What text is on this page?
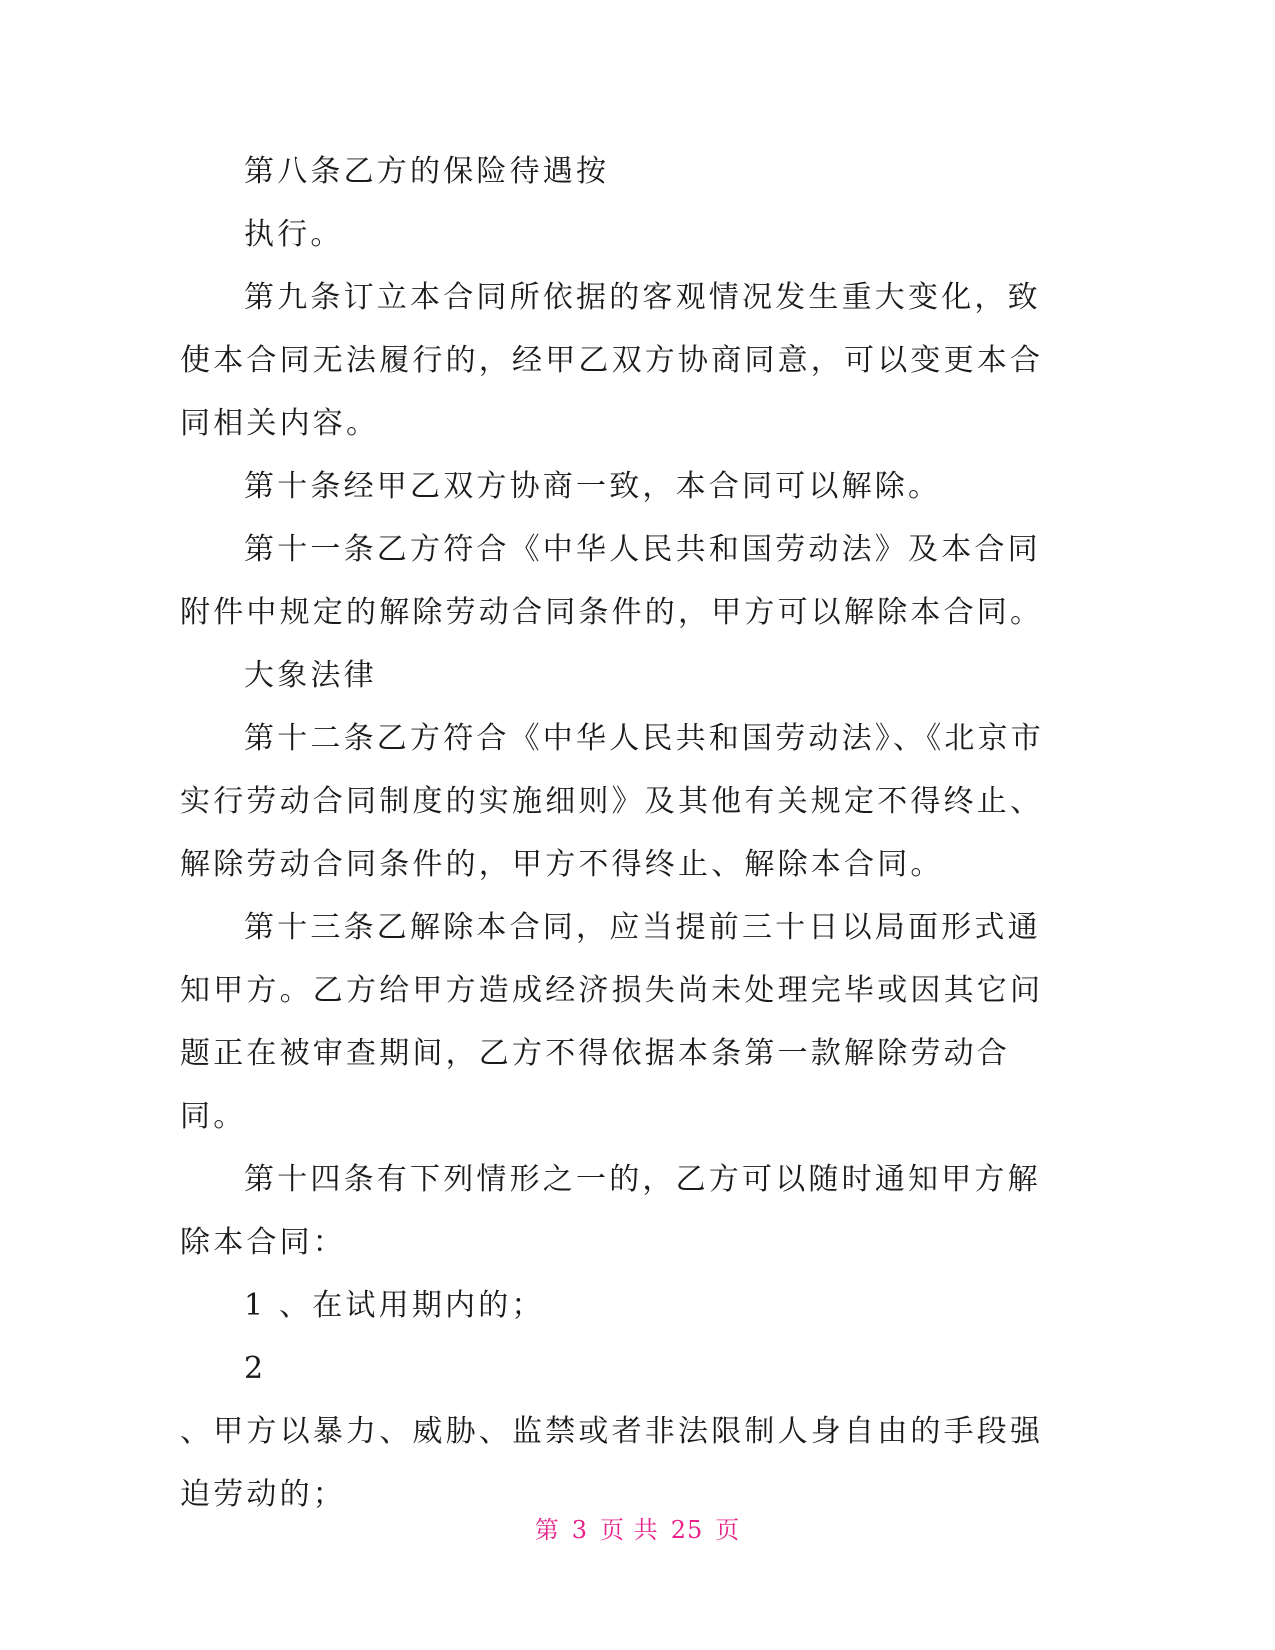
第八条乙方的保险待遇按

执行。

第九条订立本合同所依据的客观情况发生重大变化，致使本合同无法履行的，经甲乙双方协商同意，可以变更本合同相关内容。

第十条经甲乙双方协商一致，本合同可以解除。

第十一条乙方符合《中华人民共和国劳动法》及本合同附件中规定的解除劳动合同条件的，甲方可以解除本合同。

大象法律

第十二条乙方符合《中华人民共和国劳动法》、《北京市实行劳动合同制度的实施细则》及其他有关规定不得终止、解除劳动合同条件的，甲方不得终止、解除本合同。

第十三条乙解除本合同，应当提前三十日以局面形式通知甲方。乙方给甲方造成经济损失尚未处理完毕或因其它问题正在被审查期间，乙方不得依据本条第一款解除劳动合同。

第十四条有下列情形之一的，乙方可以随时通知甲方解除本合同：

1 、在试用期内的；

2

、甲方以暴力、威胁、监禁或者非法限制人身自由的手段强迫劳动的；

第 3 页 共 25 页
